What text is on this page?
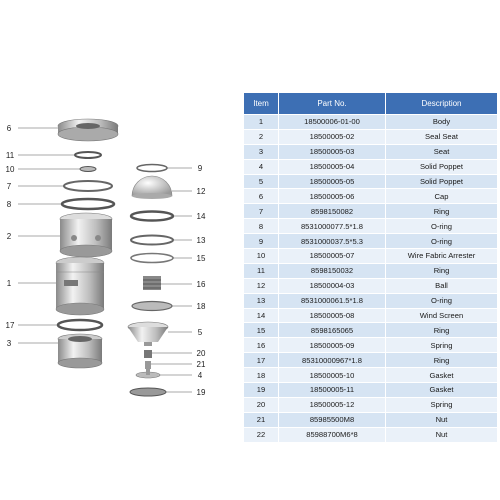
6
11
10
7
8
2
1
17
3
9
12
14
13
15
16
18
5
20
21
4
19
Item	Part No.	Description
1	18500006-01-00	Body
2	18500005-02	Seal Seat
3	18500005-03	Seat
4	18500005-04	Solid Poppet
5	18500005-05	Solid Poppet
6	18500005-06	Cap
7	8598150082	Ring
8	8531000077.5*1.8	O-ring
9	8531000037.5*5.3	O-ring
10	18500005-07	Wire Fabric Arrester
11	8598150032	Ring
12	18500004-03	Ball
13	8531000061.5*1.8	O-ring
14	18500005-08	Wind Screen
15	8598165065	Ring
16	18500005-09	Spring
17	85310000967*1.8	Ring
18	18500005-10	Gasket
19	18500005-11	Gasket
20	18500005-12	Spring
21	85985500M8	Nut
22	85988700M6*8	Nut
